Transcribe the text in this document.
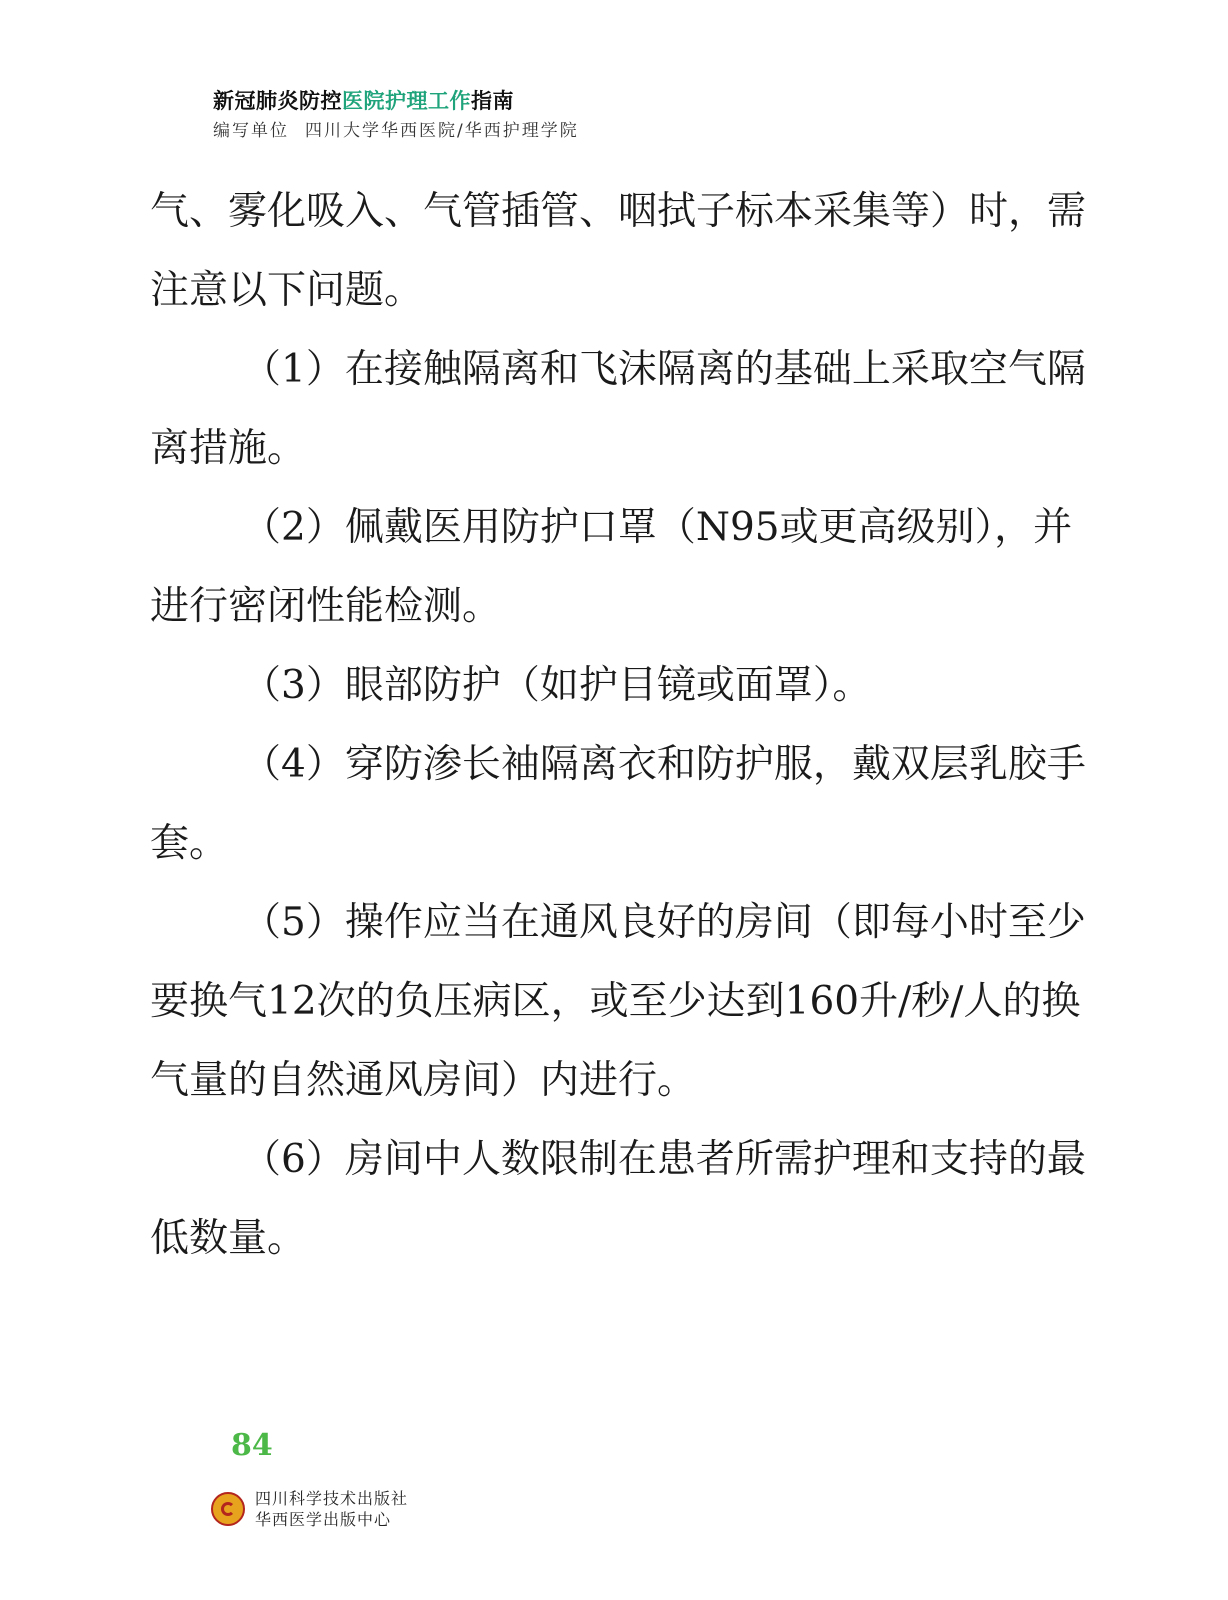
新冠肺炎防控医院护理工作指南
编写单位 四川大学华西医院/华西护理学院

气、雾化吸入、气管插管、咽拭子标本采集等）时，需注意以下问题。

（1）在接触隔离和飞沫隔离的基础上采取空气隔离措施。

（2）佩戴医用防护口罩（N95或更高级别），并进行密闭性能检测。

（3）眼部防护（如护目镜或面罩）。

（4）穿防渗长袖隔离衣和防护服，戴双层乳胶手套。

（5）操作应当在通风良好的房间（即每小时至少要换气12次的负压病区，或至少达到160升/秒/人的换气量的自然通风房间）内进行。

（6）房间中人数限制在患者所需护理和支持的最低数量。

84
四川科学技术出版社
华西医学出版中心
